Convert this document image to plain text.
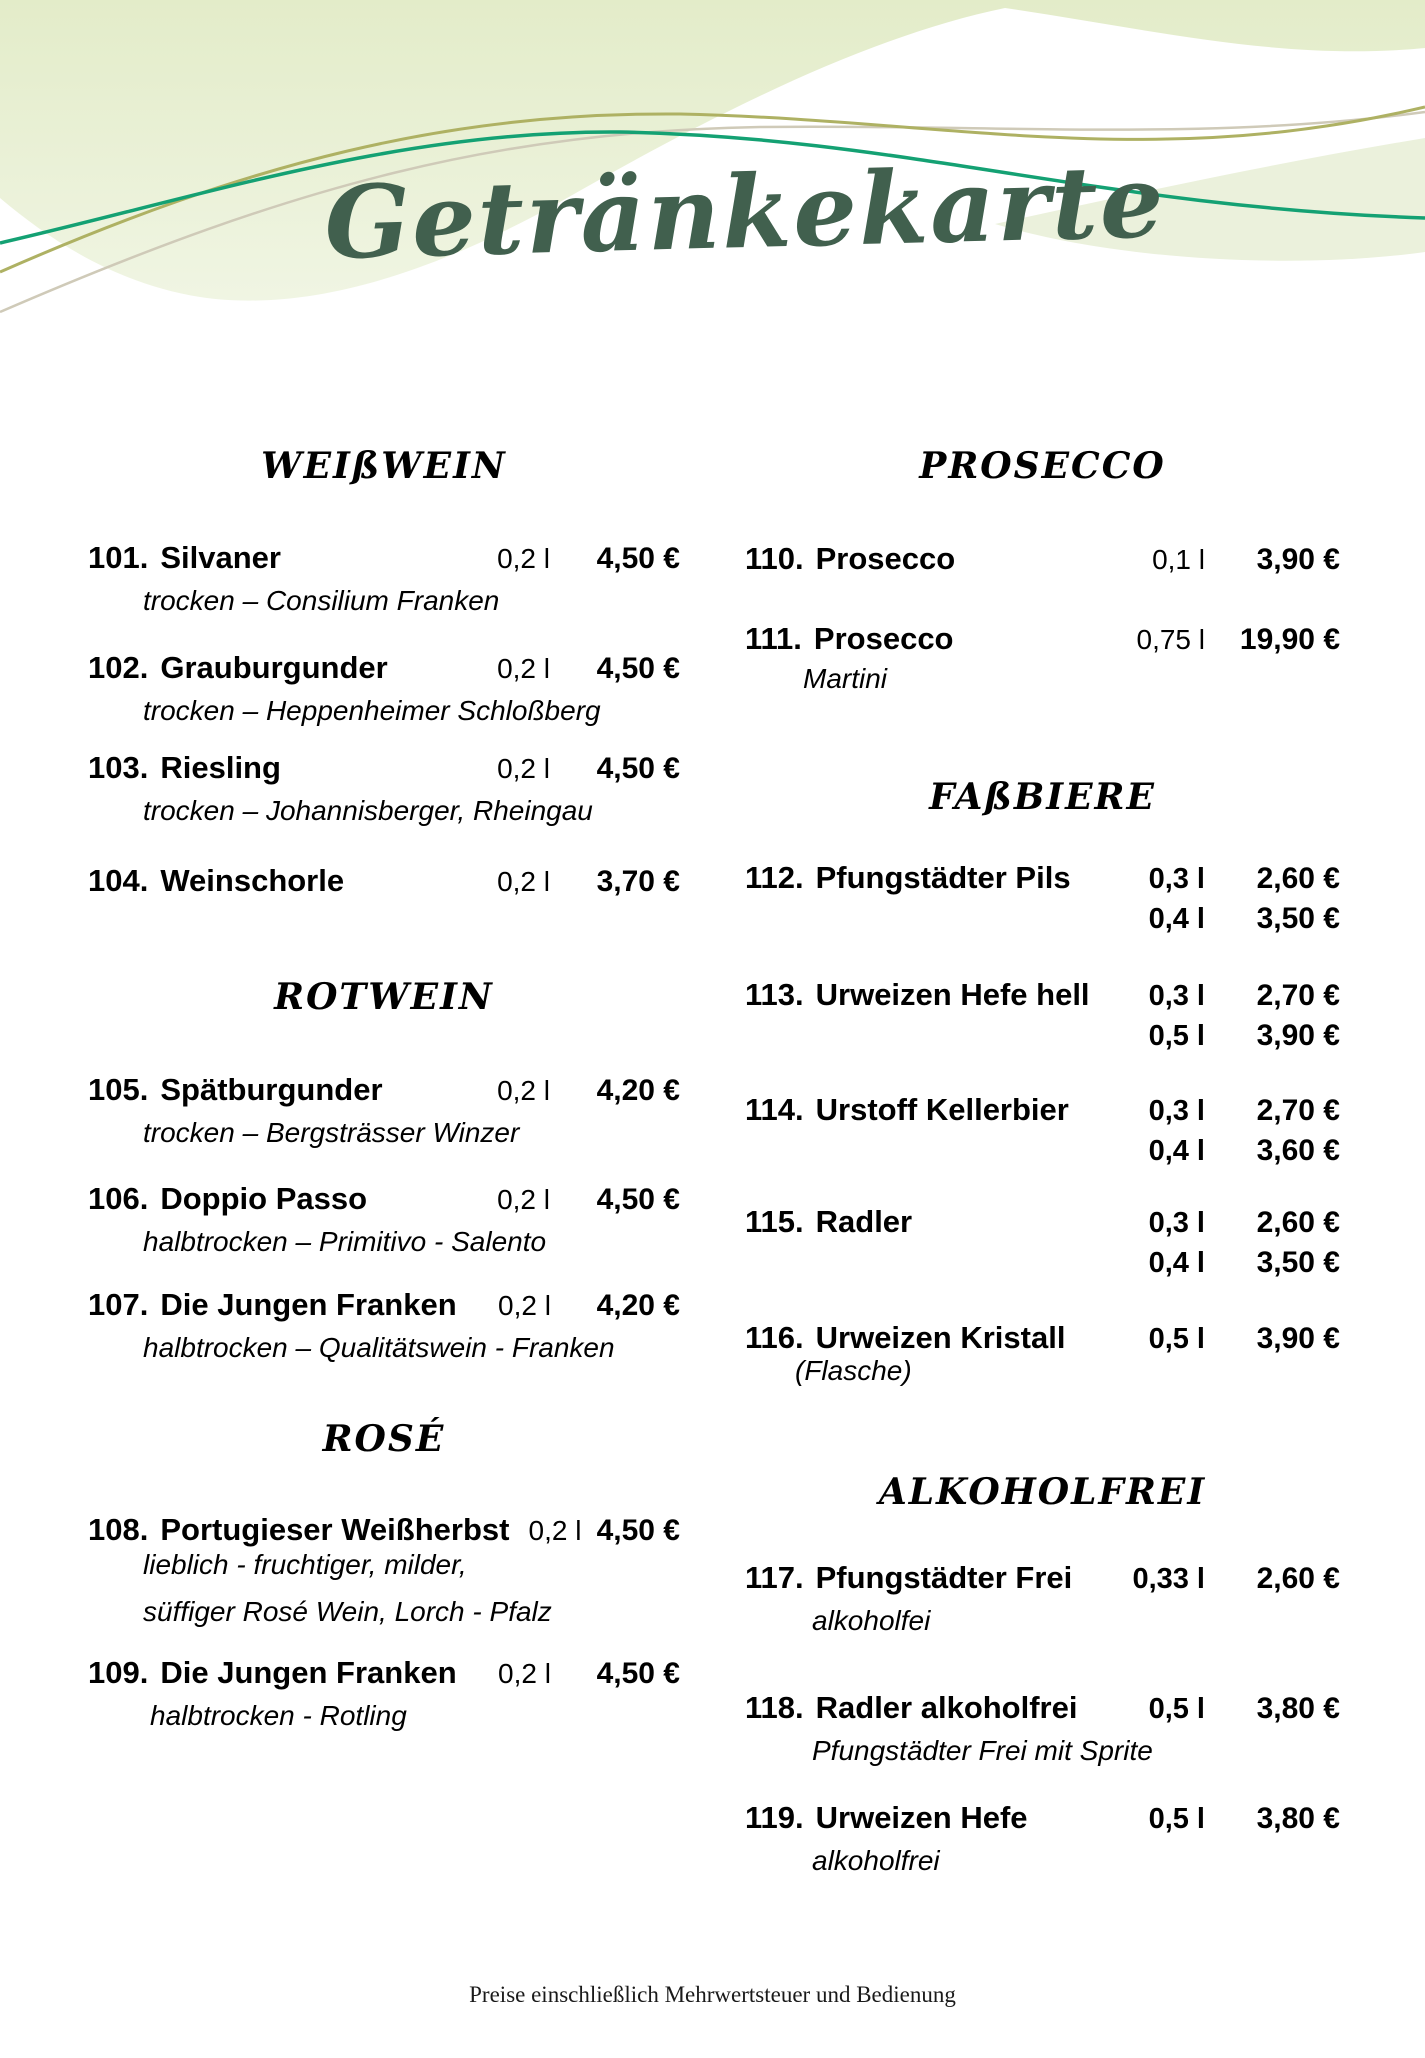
Getränkekarte
WEIßWEIN
101. Silvaner	0,2 l	4,50 €
trocken – Consilium Franken
102. Grauburgunder	0,2 l	4,50 €
trocken – Heppenheimer Schloßberg
103. Riesling	0,2 l	4,50 €
trocken – Johannisberger, Rheingau
104. Weinschorle	0,2 l	3,70 €
ROTWEIN
105. Spätburgunder	0,2 l	4,20 €
trocken – Bergsträsser Winzer
106. Doppio Passo	0,2 l	4,50 €
halbtrocken – Primitivo - Salento
107. Die Jungen Franken	0,2 l	4,20 €
halbtrocken – Qualitätswein - Franken
ROSÉ
108. Portugieser Weißherbst 0,2 l 4,50 €
lieblich - fruchtiger, milder,
süffiger Rosé Wein, Lorch - Pfalz
109. Die Jungen Franken	0,2 l	4,50 €
halbtrocken - Rotling
PROSECCO
110. Prosecco	0,1 l	3,90 €
111. Prosecco	0,75 l	19,90 €
Martini
FAßBIERE
112. Pfungstädter Pils	0,3 l	2,60 €
0,4 l	3,50 €
113. Urweizen Hefe hell	0,3 l	2,70 €
0,5 l	3,90 €
114. Urstoff Kellerbier	0,3 l	2,70 €
0,4 l	3,60 €
115. Radler	0,3 l	2,60 €
0,4 l	3,50 €
116. Urweizen Kristall	0,5 l	3,90 €
(Flasche)
ALKOHOLFREI
117. Pfungstädter Frei	0,33 l	2,60 €
alkoholfei
118. Radler alkoholfrei	0,5 l	3,80 €
Pfungstädter Frei mit Sprite
119. Urweizen Hefe	0,5 l	3,80 €
alkoholfrei
Preise einschließlich Mehrwertsteuer und Bedienung
